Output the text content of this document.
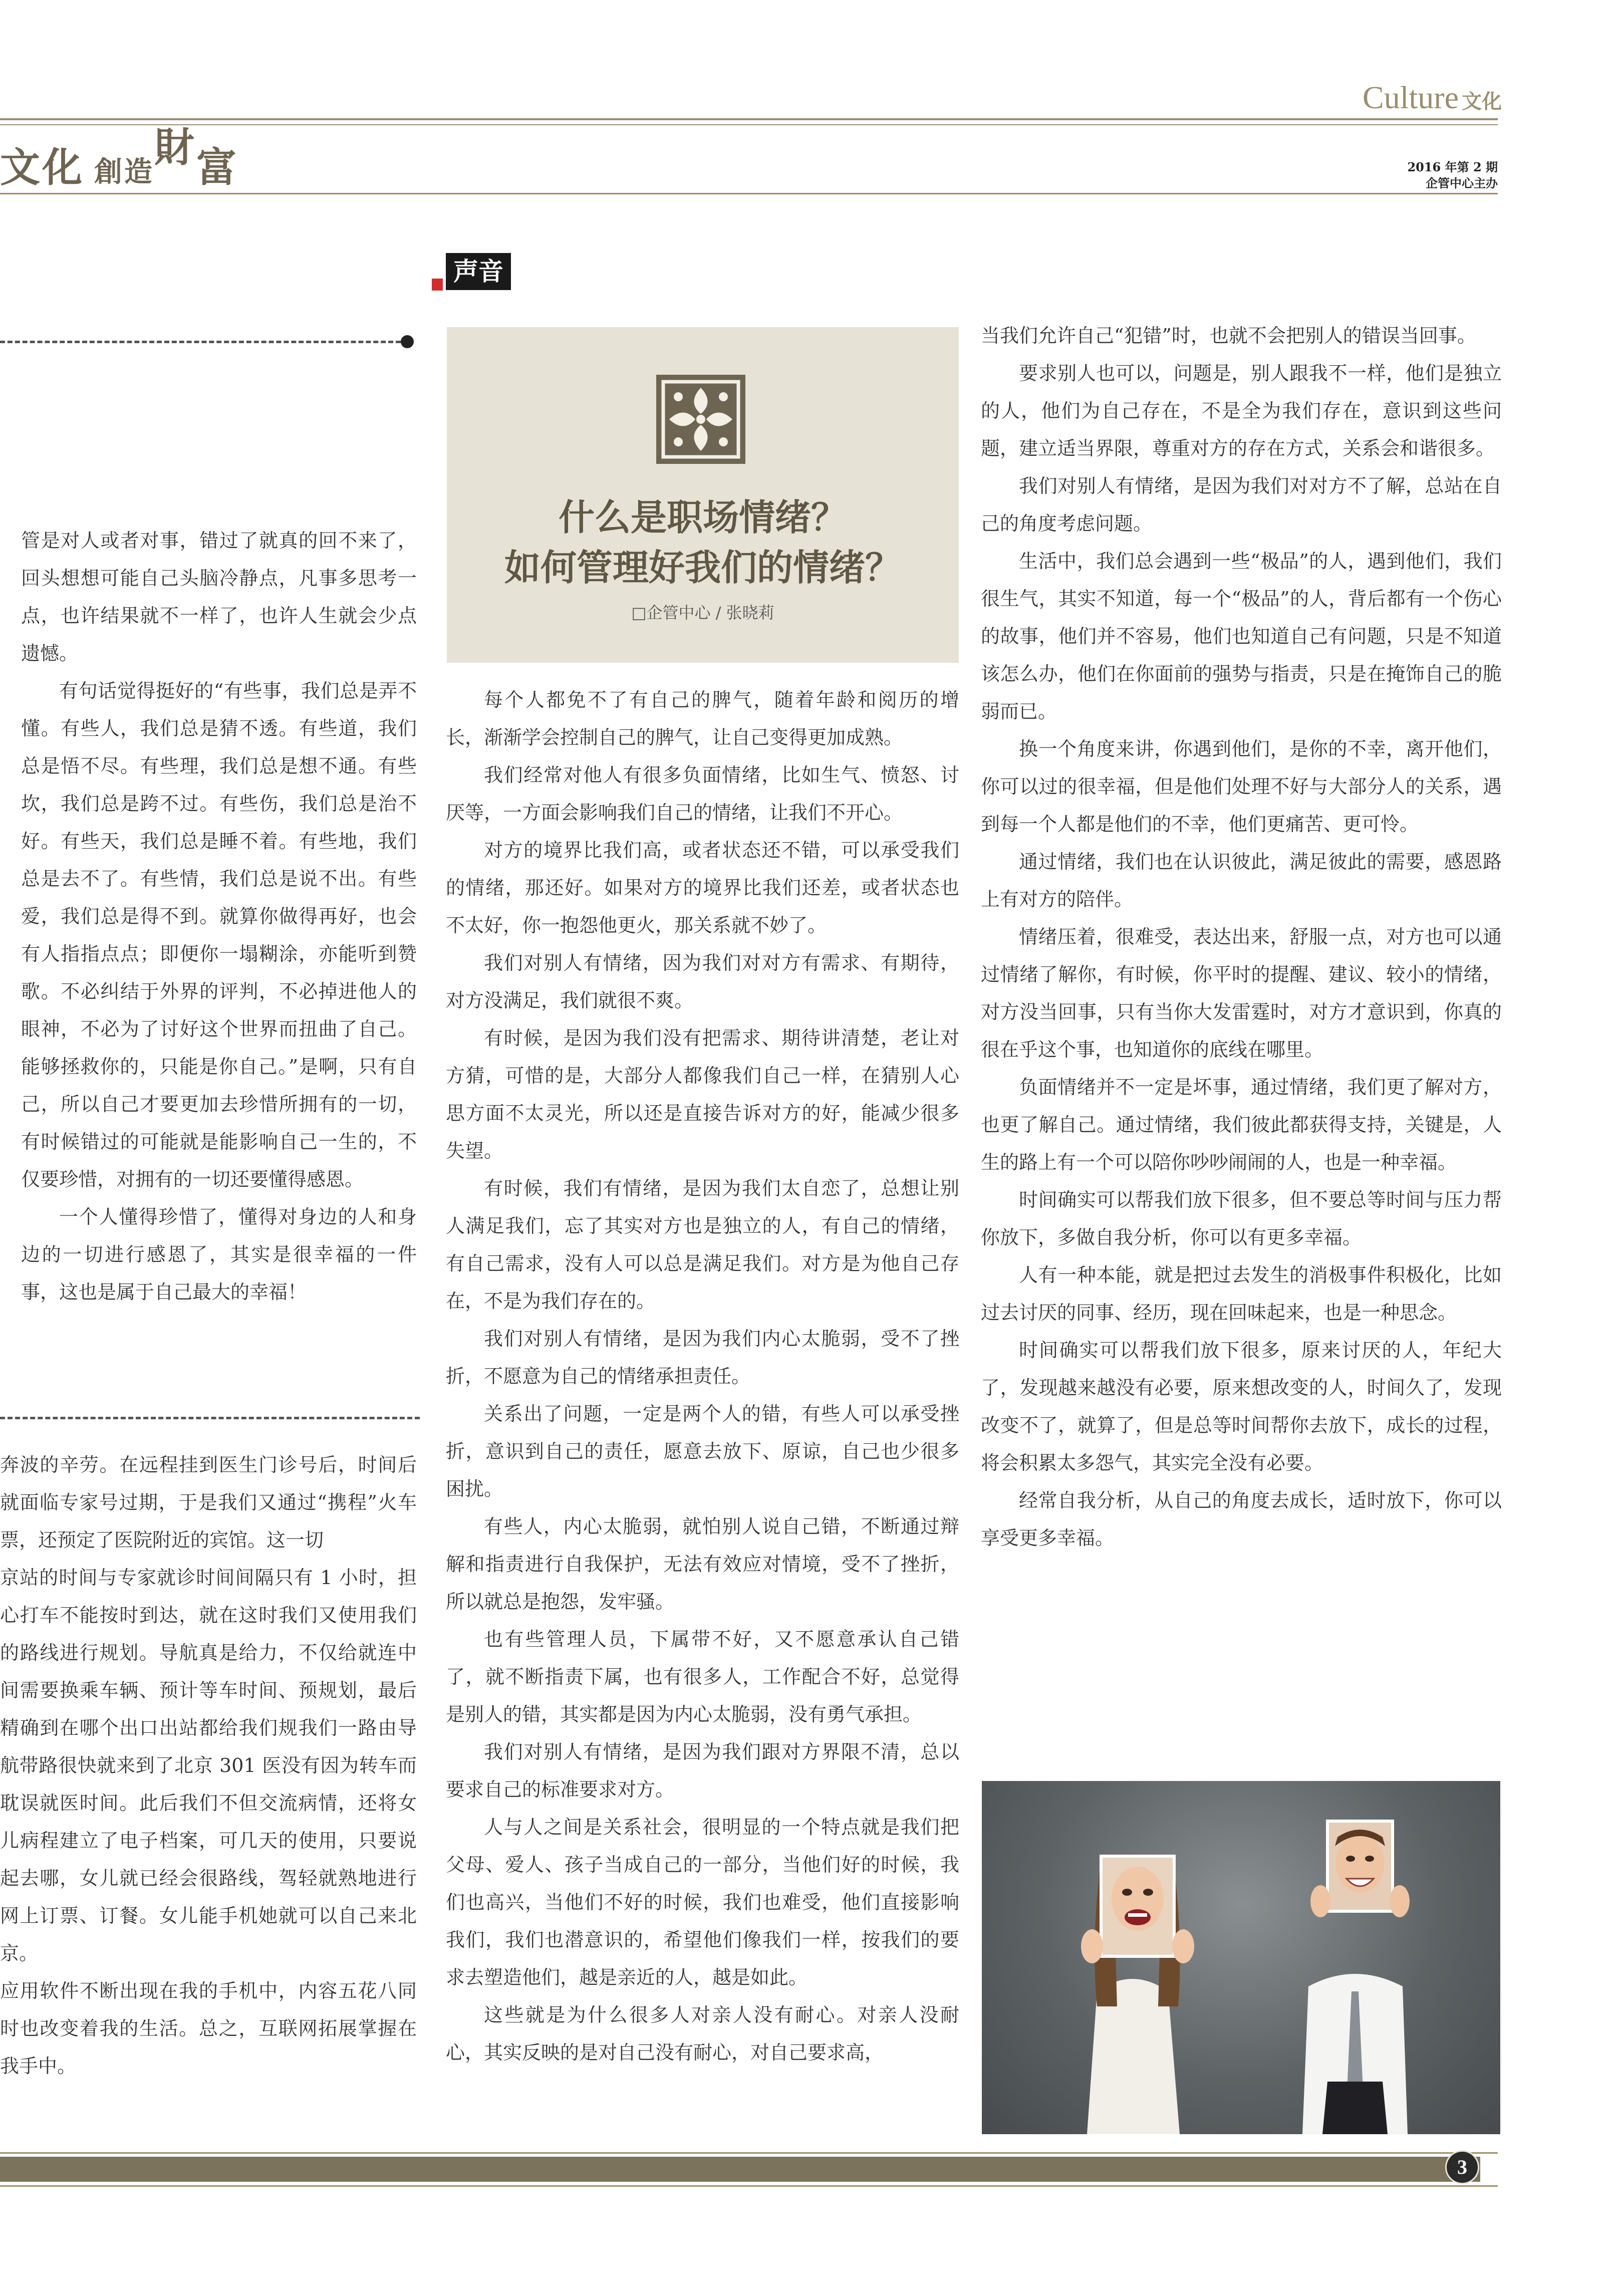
Culture 文化
文化 創造財富	2016 年第 2 期
企管中心主办
声音

管是对人或者对事，错过了就真的回不来了，回头想想可能自己头脑冷静点，凡事多思考一点，也许结果就不一样了，也许人生就会少点遗憾。

有句话觉得挺好的“有些事，我们总是弄不懂。有些人，我们总是猜不透。有些道，我们总是悟不尽。有些理，我们总是想不通。有些坎，我们总是跨不过。有些伤，我们总是治不好。有些天，我们总是睡不着。有些地，我们总是去不了。有些情，我们总是说不出。有些爱，我们总是得不到。就算你做得再好，也会有人指指点点；即便你一塌糊涂，亦能听到赞歌。不必纠结于外界的评判，不必掉进他人的眼神，不必为了讨好这个世界而扭曲了自己。能够拯救你的，只能是你自己。”是啊，只有自己，所以自己才要更加去珍惜所拥有的一切，有时候错过的可能就是能影响自己一生的，不仅要珍惜，对拥有的一切还要懂得感恩。

一个人懂得珍惜了，懂得对身边的人和身边的一切进行感恩了，其实是很幸福的一件事，这也是属于自己最大的幸福！

奔波的辛劳。在远程挂到医生门诊号后，时间后就面临专家号过期，于是我们又通过“携程”火车票，还预定了医院附近的宾馆。这一切

京站的时间与专家就诊时间间隔只有 1 小时，担心打车不能按时到达，就在这时我们又使用我们的路线进行规划。导航真是给力，不仅给就连中间需要换乘车辆、预计等车时间、预规划，最后精确到在哪个出口出站都给我们规我们一路由导航带路很快就来到了北京 301 医没有因为转车而耽误就医时间。此后我们不但交流病情，还将女儿病程建立了电子档案，可几天的使用，只要说起去哪，女儿就已经会很路线，驾轻就熟地进行网上订票、订餐。女儿能手机她就可以自己来北京。

应用软件不断出现在我的手机中，内容五花八同时也改变着我的生活。总之，互联网拓展掌握在我手中。

什么是职场情绪？
如何管理好我们的情绪？
□企管中心 / 张晓莉

每个人都免不了有自己的脾气，随着年龄和阅历的增长，渐渐学会控制自己的脾气，让自己变得更加成熟。

我们经常对他人有很多负面情绪，比如生气、愤怒、讨厌等，一方面会影响我们自己的情绪，让我们不开心。

对方的境界比我们高，或者状态还不错，可以承受我们的情绪，那还好。如果对方的境界比我们还差，或者状态也不太好，你一抱怨他更火，那关系就不妙了。

我们对别人有情绪，因为我们对对方有需求、有期待，对方没满足，我们就很不爽。

有时候，是因为我们没有把需求、期待讲清楚，老让对方猜，可惜的是，大部分人都像我们自己一样，在猜别人心思方面不太灵光，所以还是直接告诉对方的好，能减少很多失望。

有时候，我们有情绪，是因为我们太自恋了，总想让别人满足我们，忘了其实对方也是独立的人，有自己的情绪，有自己需求，没有人可以总是满足我们。对方是为他自己存在，不是为我们存在的。

我们对别人有情绪，是因为我们内心太脆弱，受不了挫折，不愿意为自己的情绪承担责任。

关系出了问题，一定是两个人的错，有些人可以承受挫折，意识到自己的责任，愿意去放下、原谅，自己也少很多困扰。

有些人，内心太脆弱，就怕别人说自己错，不断通过辩解和指责进行自我保护，无法有效应对情境，受不了挫折，所以就总是抱怨，发牢骚。

也有些管理人员，下属带不好，又不愿意承认自己错了，就不断指责下属，也有很多人，工作配合不好，总觉得是别人的错，其实都是因为内心太脆弱，没有勇气承担。

我们对别人有情绪，是因为我们跟对方界限不清，总以要求自己的标准要求对方。

人与人之间是关系社会，很明显的一个特点就是我们把父母、爱人、孩子当成自己的一部分，当他们好的时候，我们也高兴，当他们不好的时候，我们也难受，他们直接影响我们，我们也潜意识的，希望他们像我们一样，按我们的要求去塑造他们，越是亲近的人，越是如此。

这些就是为什么很多人对亲人没有耐心。对亲人没耐心，其实反映的是对自己没有耐心，对自己要求高，

当我们允许自己“犯错”时，也就不会把别人的错误当回事。

要求别人也可以，问题是，别人跟我不一样，他们是独立的人，他们为自己存在，不是全为我们存在，意识到这些问题，建立适当界限，尊重对方的存在方式，关系会和谐很多。

我们对别人有情绪，是因为我们对对方不了解，总站在自己的角度考虑问题。

生活中，我们总会遇到一些“极品”的人，遇到他们，我们很生气，其实不知道，每一个“极品”的人，背后都有一个伤心的故事，他们并不容易，他们也知道自己有问题，只是不知道该怎么办，他们在你面前的强势与指责，只是在掩饰自己的脆弱而已。

换一个角度来讲，你遇到他们，是你的不幸，离开他们，你可以过的很幸福，但是他们处理不好与大部分人的关系，遇到每一个人都是他们的不幸，他们更痛苦、更可怜。

通过情绪，我们也在认识彼此，满足彼此的需要，感恩路上有对方的陪伴。

情绪压着，很难受，表达出来，舒服一点，对方也可以通过情绪了解你，有时候，你平时的提醒、建议、较小的情绪，对方没当回事，只有当你大发雷霆时，对方才意识到，你真的很在乎这个事，也知道你的底线在哪里。

负面情绪并不一定是坏事，通过情绪，我们更了解对方，也更了解自己。通过情绪，我们彼此都获得支持，关键是，人生的路上有一个可以陪你吵吵闹闹的人，也是一种幸福。

时间确实可以帮我们放下很多，但不要总等时间与压力帮你放下，多做自我分析，你可以有更多幸福。

人有一种本能，就是把过去发生的消极事件积极化，比如过去讨厌的同事、经历，现在回味起来，也是一种思念。

时间确实可以帮我们放下很多，原来讨厌的人，年纪大了，发现越来越没有必要，原来想改变的人，时间久了，发现改变不了，就算了，但是总等时间帮你去放下，成长的过程，将会积累太多怨气，其实完全没有必要。

经常自我分析，从自己的角度去成长，适时放下，你可以享受更多幸福。

3
